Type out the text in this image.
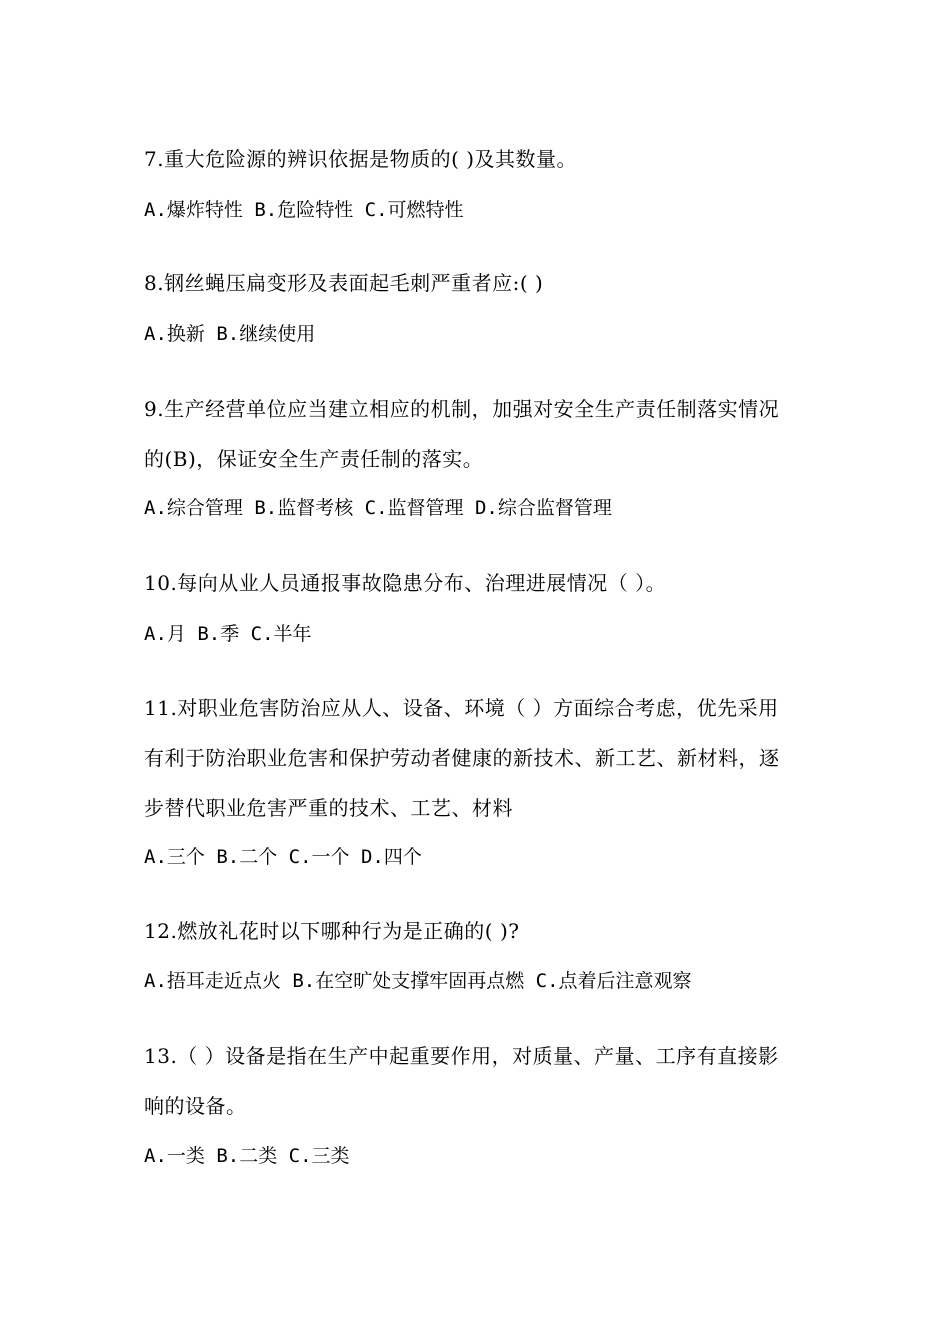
7.重大危险源的辨识依据是物质的( )及其数量。
A.爆炸特性 B.危险特性 C.可燃特性
8.钢丝蝇压扁变形及表面起毛刺严重者应:( )
A.换新 B.继续使用
9.生产经营单位应当建立相应的机制，加强对安全生产责任制落实情况
的(B)，保证安全生产责任制的落实。
A.综合管理 B.监督考核 C.监督管理 D.综合监督管理
10.每向从业人员通报事故隐患分布、治理进展情况（ ）。
A.月 B.季 C.半年
11.对职业危害防治应从人、设备、环境（ ）方面综合考虑，优先采用
有利于防治职业危害和保护劳动者健康的新技术、新工艺、新材料，逐
步替代职业危害严重的技术、工艺、材料
A.三个 B.二个 C.一个 D.四个
12.燃放礼花时以下哪种行为是正确的( )?
A.捂耳走近点火 B.在空旷处支撑牢固再点燃 C.点着后注意观察
13.（ ）设备是指在生产中起重要作用，对质量、产量、工序有直接影
响的设备。
A.一类 B.二类 C.三类
